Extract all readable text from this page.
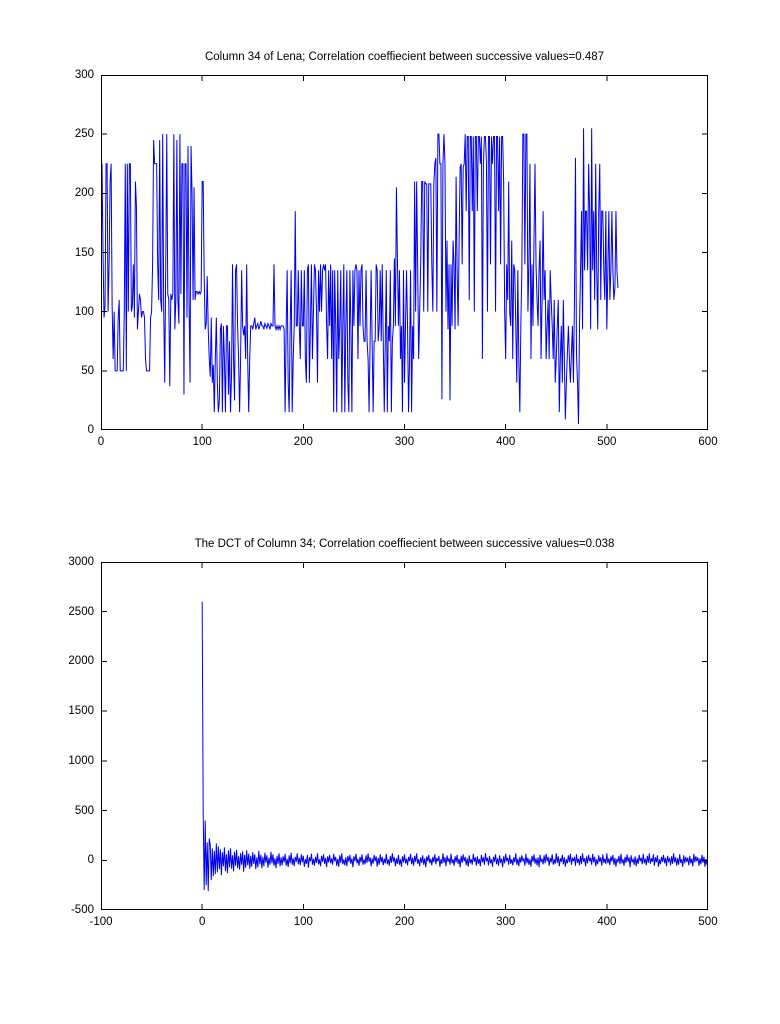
Column 34 of Lena; Correlation coeffiecient between successive values=0.487
0	100	200	300	400	500	600
0
50
100
150
200
250
300
The DCT of Column 34; Correlation coeffiecient between successive values=0.038
-100	0	100	200	300	400	500
-500
0
500
1000
1500
2000
2500
3000
